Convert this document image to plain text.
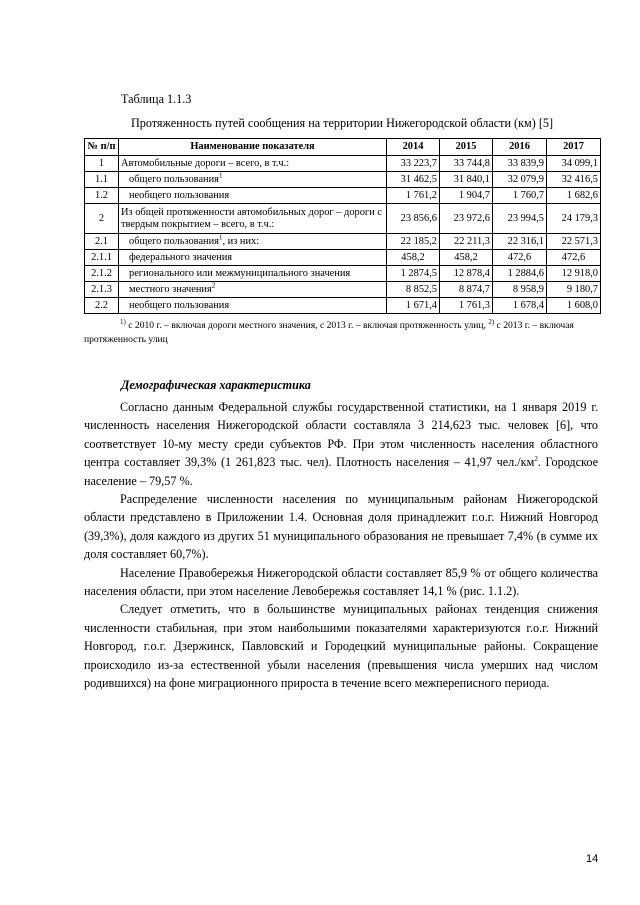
Таблица 1.1.3
Протяженность путей сообщения на территории Нижегородской области (км) [5]
№ п/п	Наименование показателя	2014	2015	2016	2017
1	Автомобильные дороги – всего, в т.ч.:	33 223,7	33 744,8	33 839,9	34 099,1
1.1	общего пользования$^1$	31 462,5	31 840,1	32 079,9	32 416,5
1.2	необщего пользования	1 761,2	1 904,7	1 760,7	1 682,6
2	Из общей протяженности автомобильных дорог – дороги с твердым покрытием – всего, в т.ч.:	23 856,6	23 972,6	23 994,5	24 179,3
2.1	общего пользования$^1$, из них:	22 185,2	22 211,3	22 316,1	22 571,3
2.1.1	федерального значения	458,2	458,2	472,6	472,6
2.1.2	регионального или межмуниципального значения	1 2874,5	12 878,4	1 2884,6	12 918,0
2.1.3	местного значения$^2$	8 852,5	8 874,7	8 958,9	9 180,7
2.2	необщего пользования	1 671,4	1 761,3	1 678,4	1 608,0
$^{1)}$ с 2010 г. – включая дороги местного значения, с 2013 г. – включая протяженность улиц, $^{2)}$ с 2013 г. – включая протяженность улиц
Демографическая характеристика

Согласно данным Федеральной службы государственной статистики, на 1 января 2019 г. численность населения Нижегородской области составляла 3 214,623 тыс. человек [6], что соответствует 10-му месту среди субъектов РФ. При этом численность населения областного центра составляет 39,3% (1 261,823 тыс. чел). Плотность населения – 41,97 $чел./км^2$. Городское население – 79,57 %.

Распределение численности населения по муниципальным районам Нижегородской области представлено в Приложении 1.4. Основная доля принадлежит г.о.г. Нижний Новгород (39,3%), доля каждого из других 51 муниципального образования не превышает 7,4% (в сумме их доля составляет 60,7%).

Население Правобережья Нижегородской области составляет 85,9 % от общего количества населения области, при этом население Левобережья составляет 14,1 % (рис. 1.1.2).

Следует отметить, что в большинстве муниципальных районах тенденция снижения численности стабильная, при этом наибольшими показателями характеризуются г.о.г. Нижний Новгород, г.о.г. Дзержинск, Павловский и Городецкий муниципальные районы. Сокращение происходило из-за естественной убыли населения (превышения числа умерших над числом родившихся) на фоне миграционного прироста в течение всего межпереписного периода.

14
